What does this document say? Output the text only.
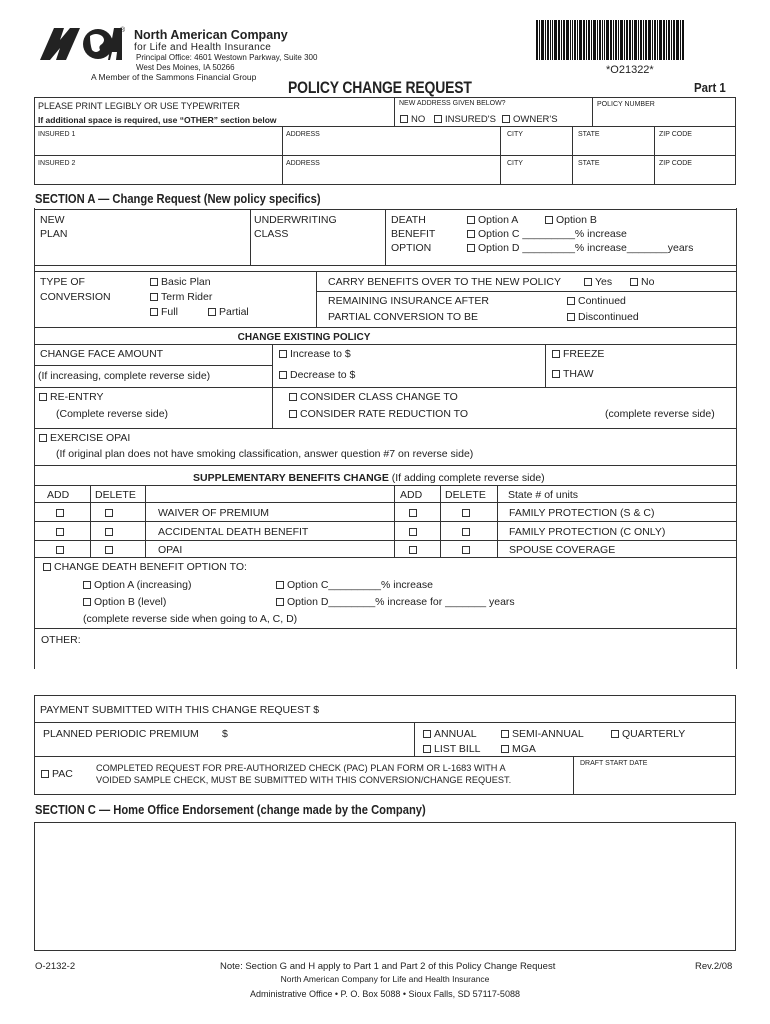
® North American Company
for Life and Health Insurance
Principal Office: 4601 Westown Parkway, Suite 300
West Des Moines, IA 50266
A Member of the Sammons Financial Group
*O21322*
POLICY CHANGE REQUEST	Part 1
PLEASE PRINT LEGIBLY OR USE TYPEWRITER
If additional space is required, use “OTHER” section below
NEW ADDRESS GIVEN BELOW?
NO	INSURED'S	OWNER'S
POLICY NUMBER
INSURED 1	ADDRESS	CITY	STATE	ZIP CODE
INSURED 2	ADDRESS	CITY	STATE	ZIP CODE
SECTION A — Change Request (New policy specifics)
NEW
PLAN
UNDERWRITING
CLASS
DEATH
BENEFIT
OPTION
Option A	Option B
Option C _________% increase
Option D _________% increase_______years
TYPE OF
CONVERSION
Basic Plan
Term Rider
Full	Partial
CARRY BENEFITS OVER TO THE NEW POLICY	Yes	No
REMAINING INSURANCE AFTER
PARTIAL CONVERSION TO BE
Continued
Discontinued
CHANGE EXISTING POLICY
CHANGE FACE AMOUNT	Increase to $	FREEZE
(If increasing, complete reverse side)	Decrease to $	THAW
RE-ENTRY
(Complete reverse side)
CONSIDER CLASS CHANGE TO
CONSIDER RATE REDUCTION TO	(complete reverse side)
EXERCISE OPAI
(If original plan does not have smoking classification, answer question #7 on reverse side)
SUPPLEMENTARY BENEFITS CHANGE (If adding complete reverse side)
ADD DELETE	ADD DELETE State # of units
WAIVER OF PREMIUM	FAMILY PROTECTION (S & C)
ACCIDENTAL DEATH BENEFIT	FAMILY PROTECTION (C ONLY)
OPAI	SPOUSE COVERAGE
CHANGE DEATH BENEFIT OPTION TO:
Option A (increasing)	Option C_________% increase
Option B (level)	Option D________% increase for _______ years
(complete reverse side when going to A, C, D)
OTHER:
PAYMENT SUBMITTED WITH THIS CHANGE REQUEST $
PLANNED PERIODIC PREMIUM $	ANNUAL	SEMI-ANNUAL	QUARTERLY
LIST BILL	MGA
PAC	COMPLETED REQUEST FOR PRE-AUTHORIZED CHECK (PAC) PLAN FORM OR L-1683 WITH A
VOIDED SAMPLE CHECK, MUST BE SUBMITTED WITH THIS CONVERSION/CHANGE REQUEST.
DRAFT START DATE
SECTION C — Home Office Endorsement (change made by the Company)
O-2132-2	Note: Section G and H apply to Part 1 and Part 2 of this Policy Change Request	Rev.2/08
North American Company for Life and Health Insurance
Administrative Office • P. O. Box 5088 • Sioux Falls, SD 57117-5088
